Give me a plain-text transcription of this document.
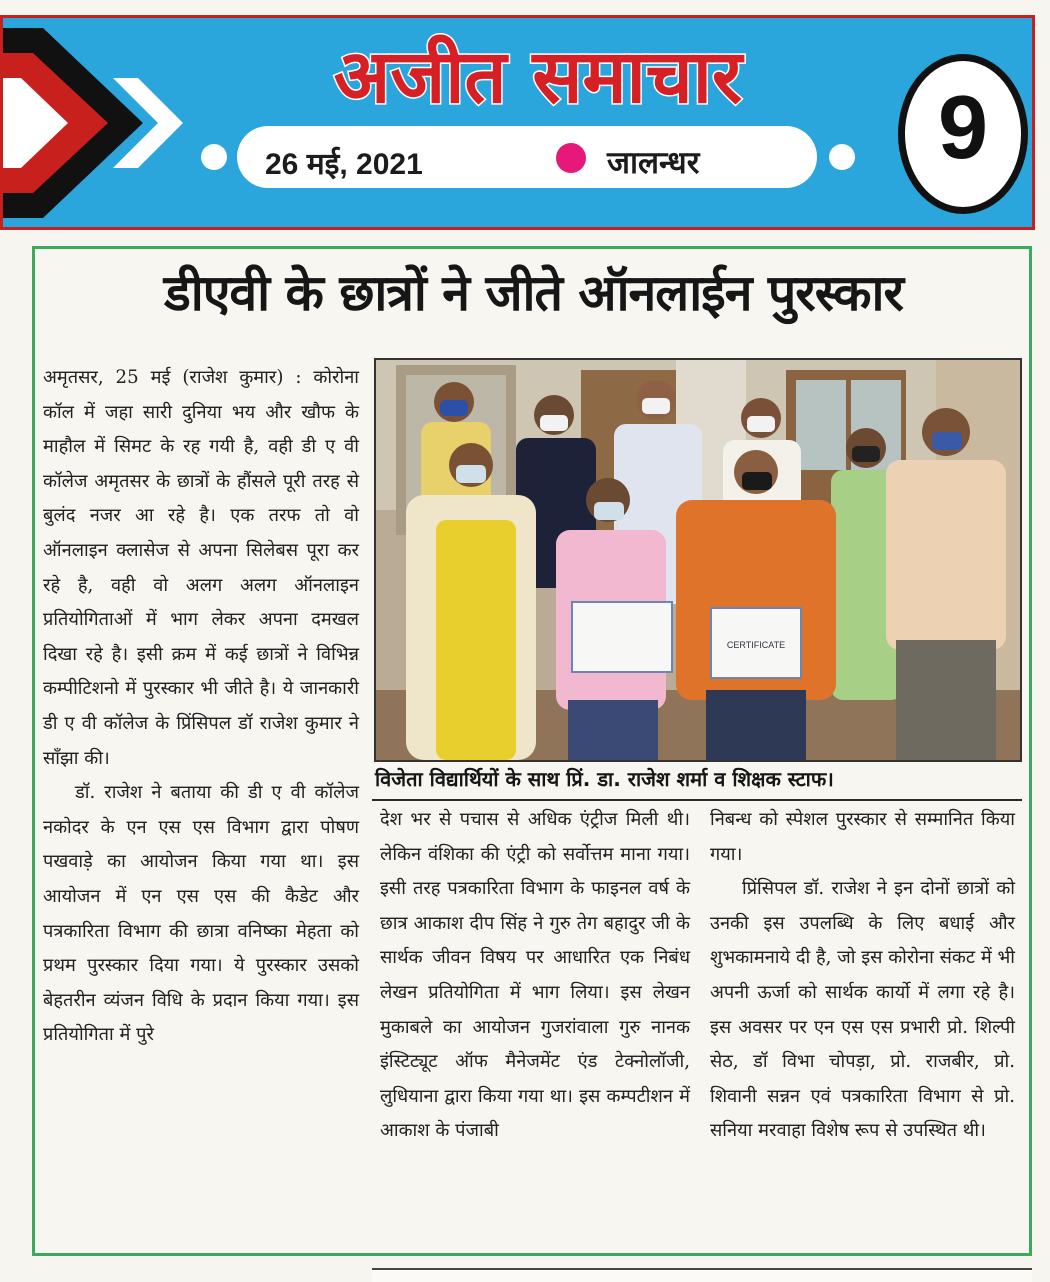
अजीत समाचार
9
26 मई, 2021	जालन्धर
डीएवी के छात्रों ने जीते ऑनलाईन पुरस्कार

अमृतसर, 25 मई (राजेश कुमार) : कोरोना कॉल में जहा सारी दुनिया भय और खौफ के माहौल में सिमट के रह गयी है, वही डी ए वी कॉलेज अमृतसर के छात्रों के हौंसले पूरी तरह से बुलंद नजर आ रहे है। एक तरफ तो वो ऑनलाइन क्लासेज से अपना सिलेबस पूरा कर रहे है, वही वो अलग अलग ऑनलाइन प्रतियोगिताओं में भाग लेकर अपना दमखल दिखा रहे है। इसी क्रम में कई छात्रों ने विभिन्न कम्पीटिशनो में पुरस्कार भी जीते है। ये जानकारी डी ए वी कॉलेज के प्रिंसिपल डॉ राजेश कुमार ने साँझा की।

डॉ. राजेश ने बताया की डी ए वी कॉलेज नकोदर के एन एस एस विभाग द्वारा पोषण पखवाड़े का आयोजन किया गया था। इस आयोजन में एन एस एस की कैडेट और पत्रकारिता विभाग की छात्रा वनिष्का मेहता को प्रथम पुरस्कार दिया गया। ये पुरस्कार उसको बेहतरीन व्यंजन विधि के प्रदान किया गया। इस प्रतियोगिता में पुरे

विजेता विद्यार्थियों के साथ प्रिं. डा. राजेश शर्मा व शिक्षक स्टाफ।

देश भर से पचास से अधिक एंट्रीज मिली थी। लेकिन वंशिका की एंट्री को सर्वोत्तम माना गया। इसी तरह पत्रकारिता विभाग के फाइनल वर्ष के छात्र आकाश दीप सिंह ने गुरु तेग बहादुर जी के सार्थक जीवन विषय पर आधारित एक निबंध लेखन प्रतियोगिता में भाग लिया। इस लेखन मुकाबले का आयोजन गुजरांवाला गुरु नानक इंस्टिट्यूट ऑफ मैनेजमेंट एंड टेक्नोलॉजी, लुधियाना द्वारा किया गया था। इस कम्पटीशन में आकाश के पंजाबी

निबन्ध को स्पेशल पुरस्कार से सम्मानित किया गया।

प्रिंसिपल डॉ. राजेश ने इन दोनों छात्रों को उनकी इस उपलब्धि के लिए बधाई और शुभकामनाये दी है, जो इस कोरोना संकट में भी अपनी ऊर्जा को सार्थक कार्यो में लगा रहे है। इस अवसर पर एन एस एस प्रभारी प्रो. शिल्पी सेठ, डॉ विभा चोपड़ा, प्रो. राजबीर, प्रो. शिवानी सन्नन एवं पत्रकारिता विभाग से प्रो. सनिया मरवाहा विशेष रूप से उपस्थित थी।

CERTIFICATE
